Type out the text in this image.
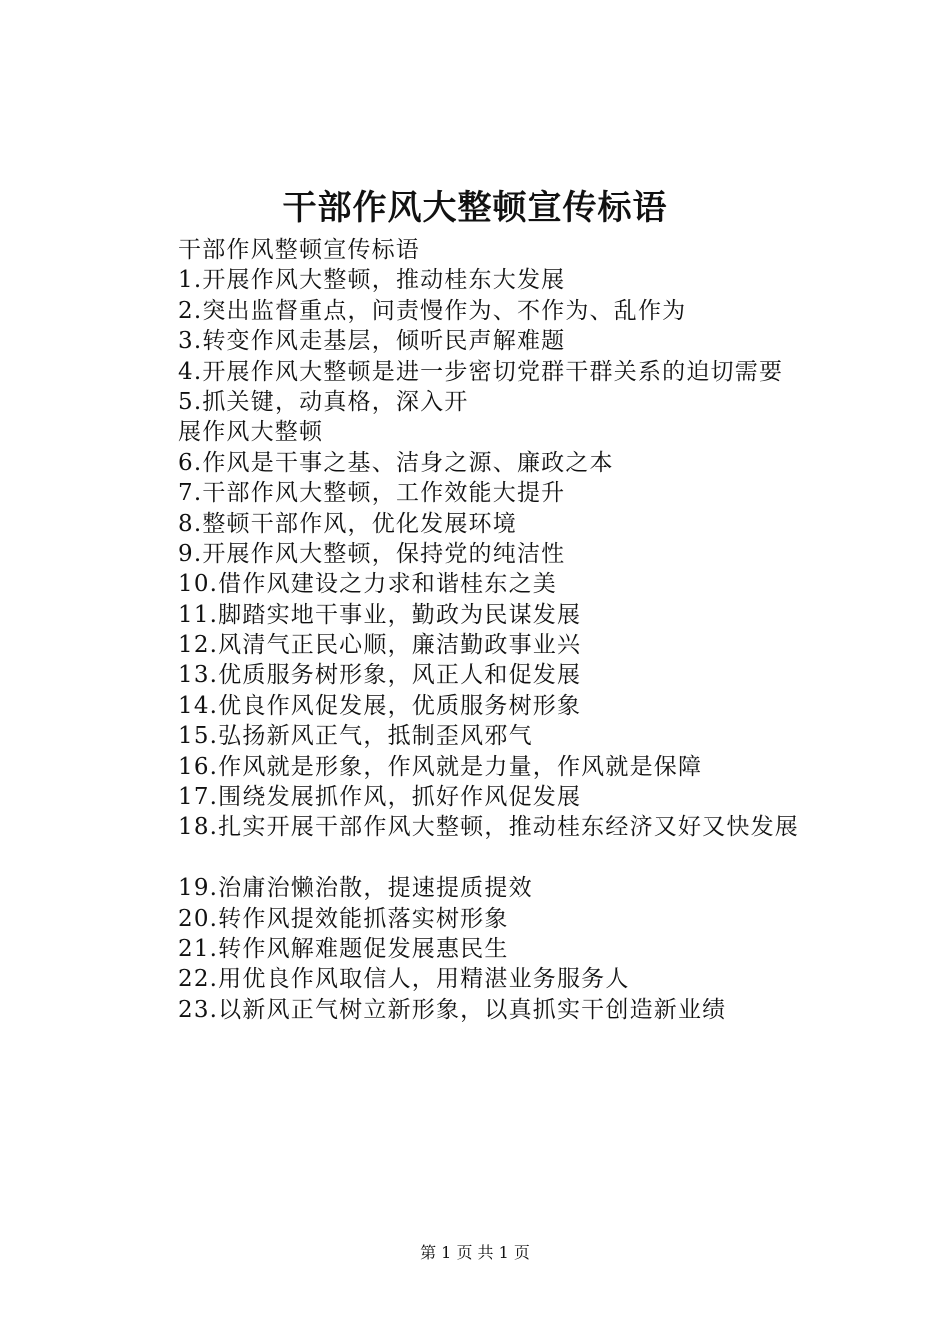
干部作风大整顿宣传标语
干部作风整顿宣传标语
1.开展作风大整顿，推动桂东大发展
2.突出监督重点，问责慢作为、不作为、乱作为
3.转变作风走基层，倾听民声解难题
4.开展作风大整顿是进一步密切党群干群关系的迫切需要
5.抓关键，动真格，深入开
展作风大整顿
6.作风是干事之基、洁身之源、廉政之本
7.干部作风大整顿，工作效能大提升
8.整顿干部作风，优化发展环境
9.开展作风大整顿，保持党的纯洁性
10.借作风建设之力求和谐桂东之美
11.脚踏实地干事业，勤政为民谋发展
12.风清气正民心顺，廉洁勤政事业兴
13.优质服务树形象，风正人和促发展
14.优良作风促发展，优质服务树形象
15.弘扬新风正气，抵制歪风邪气
16.作风就是形象，作风就是力量，作风就是保障
17.围绕发展抓作风，抓好作风促发展
18.扎实开展干部作风大整顿，推动桂东经济又好又快发展
19.治庸治懒治散，提速提质提效
20.转作风提效能抓落实树形象
21.转作风解难题促发展惠民生
22.用优良作风取信人，用精湛业务服务人
23.以新风正气树立新形象，以真抓实干创造新业绩
第 1 页 共 1 页
